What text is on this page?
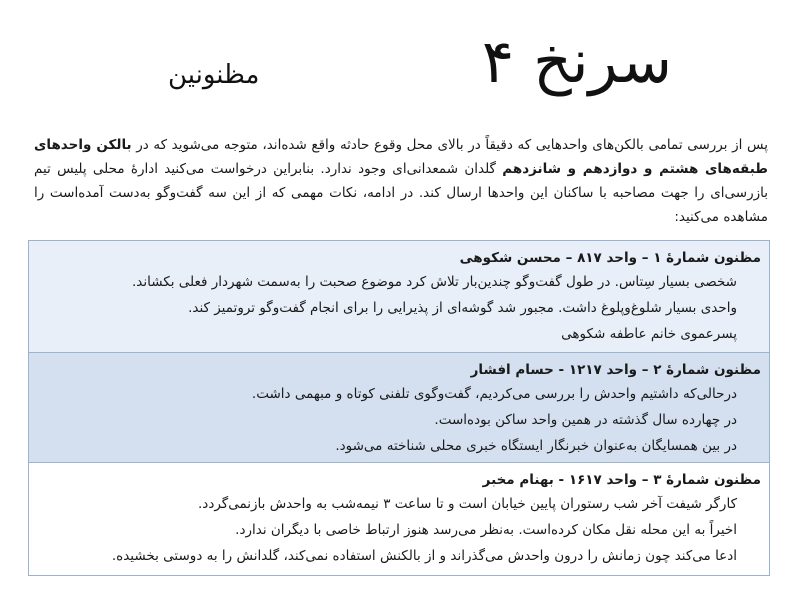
سرنخ ۴
مظنونین

پس از بررسی تمامی بالکن‌های واحدهایی که دقیقاً در بالای محل وقوع حادثه واقع شده‌اند، متوجه می‌شوید که در بالکن واحدهای طبقه‌های هشتم و دوازدهم و شانزدهم گلدان شمعدانی‌ای وجود ندارد. بنابراین درخواست می‌کنید ادارهٔ محلی پلیس تیم بازرسی‌ای را جهت مصاحبه با ساکنان این واحدها ارسال کند. در ادامه، نکات مهمی که از این سه گفت‌وگو به‌دست آمده‌است را مشاهده می‌کنید:

مظنون شمارهٔ ۱ – واحد ۸۱۷ – محسن شکوهی

شخصی بسیار سِتاس. در طول گفت‌وگو چندین‌بار تلاش کرد موضوع صحبت را به‌سمت شهردار فعلی بکشاند.
واحدی بسیار شلوغ‌وپلوغ داشت. مجبور شد گوشه‌ای از پذیرایی را برای انجام گفت‌وگو تروتمیز کند.
پسرعموی خانم عاطفه شکوهی

مظنون شمارهٔ ۲ – واحد ۱۲۱۷ - حسام افشار

درحالی‌که داشتیم واحدش را بررسی می‌کردیم، گفت‌وگوی تلفنی کوتاه و مبهمی داشت.
در چهارده سال گذشته در همین واحد ساکن بوده‌است.
در بین همسایگان به‌عنوان خبرنگار ایستگاه خبری محلی شناخته می‌شود.

مظنون شمارهٔ ۳ – واحد ۱۶۱۷ - بهنام مخبر

کارگر شیفت آخر شب رستوران پایین خیابان است و تا ساعت ۳ نیمه‌شب به واحدش بازنمی‌گردد.
اخیراً به این محله نقل مکان کرده‌است. به‌نظر می‌رسد هنوز ارتباط خاصی با دیگران ندارد.
ادعا می‌کند چون زمانش را درون واحدش می‌گذراند و از بالکنش استفاده نمی‌کند، گلدانش را به دوستی بخشیده.
